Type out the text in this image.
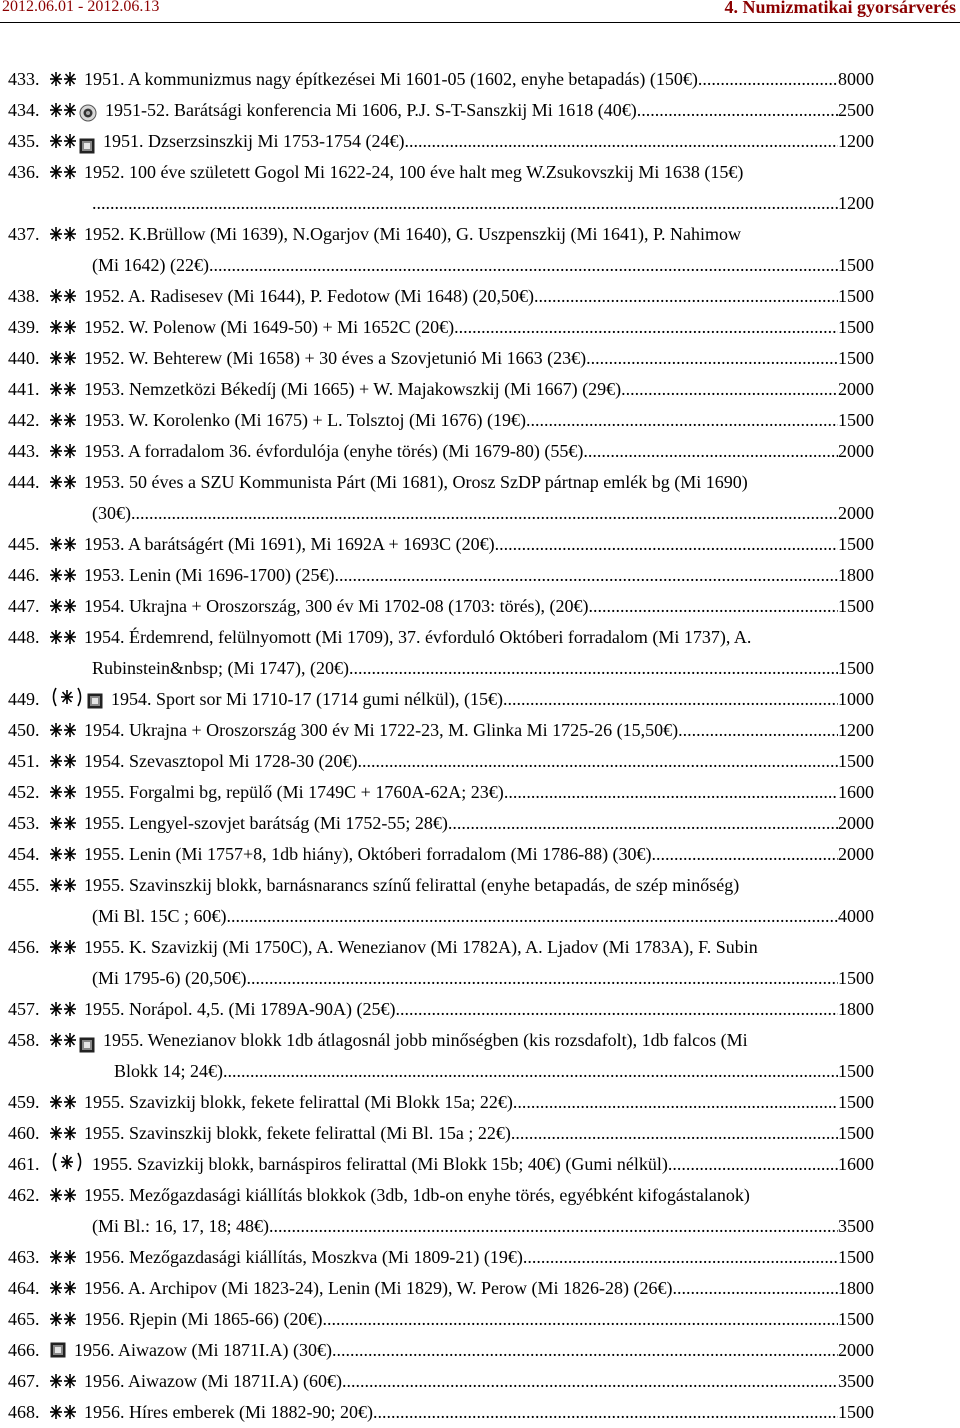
2012.06.01 - 2012.06.13	4. Numizmatikai gyorsárverés
433.	1951. A kommunizmus nagy építkezései Mi 1601-05 (1602, enyhe betapadás) (150€) .....	8000
434.	1951-52. Barátsági konferencia Mi 1606, P.J. S-T-Sanszkij Mi 1618 (40€) .....	2500
435.	1951. Dzserzsinszkij Mi 1753-1754 (24€) .....	1200
436.	1952. 100 éve született Gogol Mi 1622-24, 100 éve halt meg W.Zsukovszkij Mi 1638 (15€)
... .....	1200
437.	1952. K.Brüllow (Mi 1639), N.Ogarjov (Mi 1640), G. Uszpenszkij (Mi 1641), P. Nahimow
(Mi 1642) (22€) .....	1500
438.	1952. A. Radisesev (Mi 1644), P. Fedotow (Mi 1648) (20,50€) .....	1500
439.	1952. W. Polenow (Mi 1649-50) + Mi 1652C (20€) .....	1500
440.	1952. W. Behterew (Mi 1658) + 30 éves a Szovjetunió Mi 1663 (23€) .....	1500
441.	1953. Nemzetközi Békedíj (Mi 1665) + W. Majakowszkij (Mi 1667) (29€) .....	2000
442.	1953. W. Korolenko (Mi 1675) + L. Tolsztoj (Mi 1676) (19€) .....	1500
443.	1953. A forradalom 36. évfordulója (enyhe törés) (Mi 1679-80) (55€) .....	2000
444.	1953. 50 éves a SZU Kommunista Párt (Mi 1681), Orosz SzDP pártnap emlék bg (Mi 1690)
(30€) .....	2000
445.	1953. A barátságért (Mi 1691), Mi 1692A + 1693C (20€) .....	1500
446.	1953. Lenin (Mi 1696-1700) (25€) .....	1800
447.	1954. Ukrajna + Oroszország, 300 év Mi 1702-08 (1703: törés), (20€) .....	1500
448.	1954. Érdemrend, felülnyomott (Mi 1709), 37. évforduló Októberi forradalom (Mi 1737), A.
Rubinstein&nbsp; (Mi 1747), (20€) .....	1500
449.	1954. Sport sor Mi 1710-17 (1714 gumi nélkül), (15€) .....	1000
450.	1954. Ukrajna + Oroszország 300 év Mi 1722-23, M. Glinka Mi 1725-26 (15,50€) .....	1200
451.	1954. Szevasztopol Mi 1728-30 (20€) .....	1500
452.	1955. Forgalmi bg, repülő (Mi 1749C + 1760A-62A; 23€) .....	1600
453.	1955. Lengyel-szovjet barátság (Mi 1752-55; 28€) .....	2000
454.	1955. Lenin (Mi 1757+8, 1db hiány), Októberi forradalom (Mi 1786-88) (30€) .....	2000
455.	1955. Szavinszkij blokk, barnásnarancs színű felirattal (enyhe betapadás, de szép minőség)
(Mi Bl. 15C ; 60€) .....	4000
456.	1955. K. Szavizkij (Mi 1750C), A. Wenezianov (Mi 1782A), A. Ljadov (Mi 1783A), F. Subin
(Mi 1795-6) (20,50€) .....	1500
457.	1955. Norápol. 4,5. (Mi 1789A-90A) (25€) .....	1800
458.	1955. Wenezianov blokk 1db átlagosnál jobb minőségben (kis rozsdafolt), 1db falcos (Mi
Blokk 14; 24€) .....	1500
459.	1955. Szavizkij blokk, fekete felirattal (Mi Blokk 15a; 22€) .....	1500
460.	1955. Szavinszkij blokk, fekete felirattal (Mi Bl. 15a ; 22€) .....	1500
461.	1955. Szavizkij blokk, barnáspiros felirattal (Mi Blokk 15b; 40€) (Gumi nélkül) .....	1600
462.	1955. Mezőgazdasági kiállítás blokkok (3db, 1db-on enyhe törés, egyébként kifogástalanok)
(Mi Bl.: 16, 17, 18; 48€) .....	3500
463.	1956. Mezőgazdasági kiállítás, Moszkva (Mi 1809-21) (19€) .....	1500
464.	1956. A. Archipov (Mi 1823-24), Lenin (Mi 1829), W. Perow (Mi 1826-28) (26€) .....	1800
465.	1956. Rjepin (Mi 1865-66) (20€) .....	1500
466.	1956. Aiwazow (Mi 1871I.A) (30€) .....	2000
467.	1956. Aiwazow (Mi 1871I.A) (60€) .....	3500
468.	1956. Híres emberek (Mi 1882-90; 20€) .....	1500
